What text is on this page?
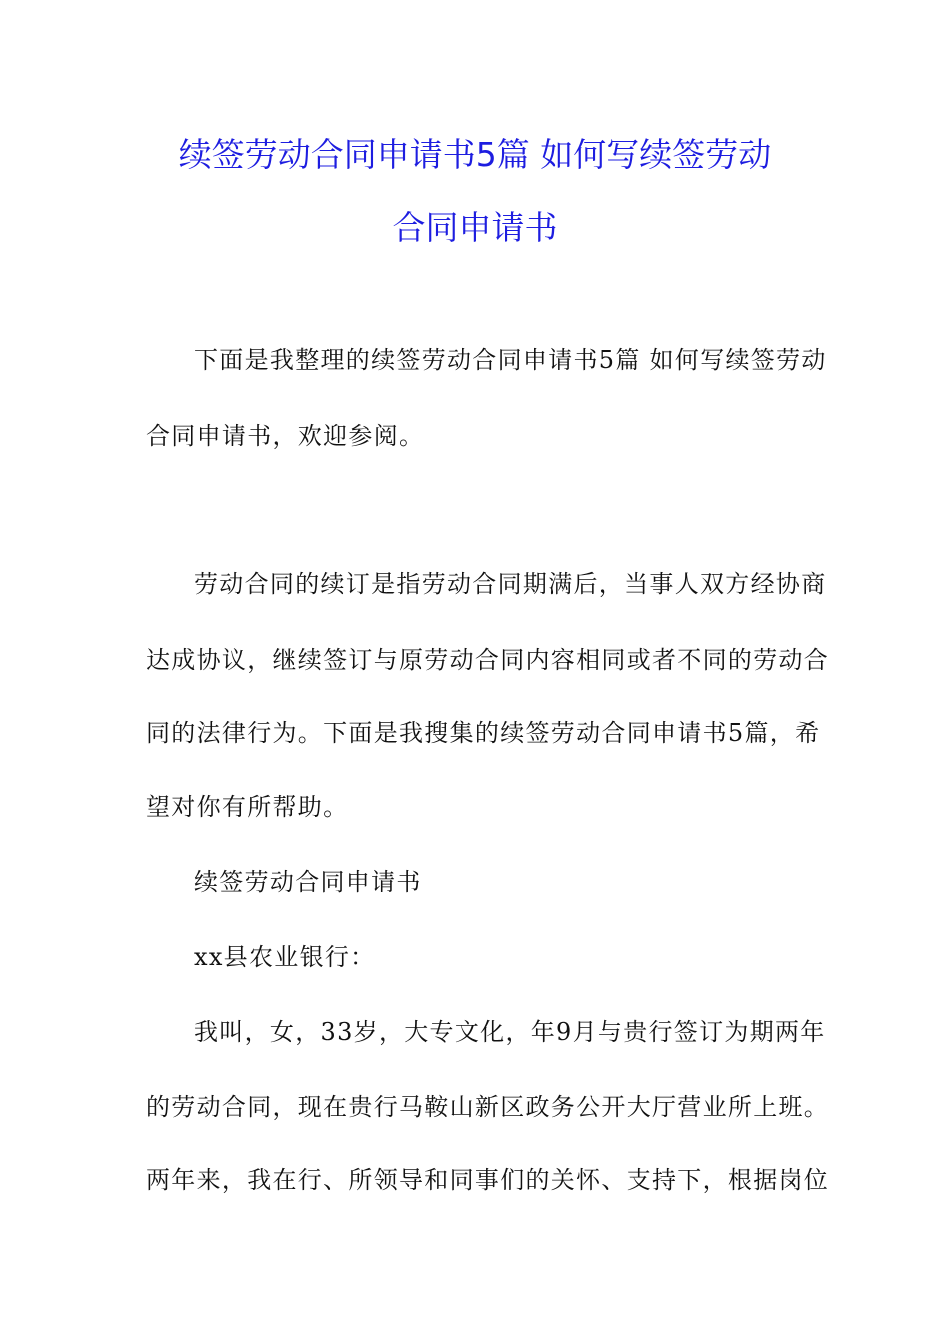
续签劳动合同申请书5篇 如何写续签劳动
合同申请书
下面是我整理的续签劳动合同申请书5篇 如何写续签劳动
合同申请书，欢迎参阅。
劳动合同的续订是指劳动合同期满后，当事人双方经协商
达成协议，继续签订与原劳动合同内容相同或者不同的劳动合
同的法律行为。下面是我搜集的续签劳动合同申请书5篇，希
望对你有所帮助。
续签劳动合同申请书
xx县农业银行：
我叫，女，33岁，大专文化，年9月与贵行签订为期两年
的劳动合同，现在贵行马鞍山新区政务公开大厅营业所上班。
两年来，我在行、所领导和同事们的关怀、支持下，根据岗位
